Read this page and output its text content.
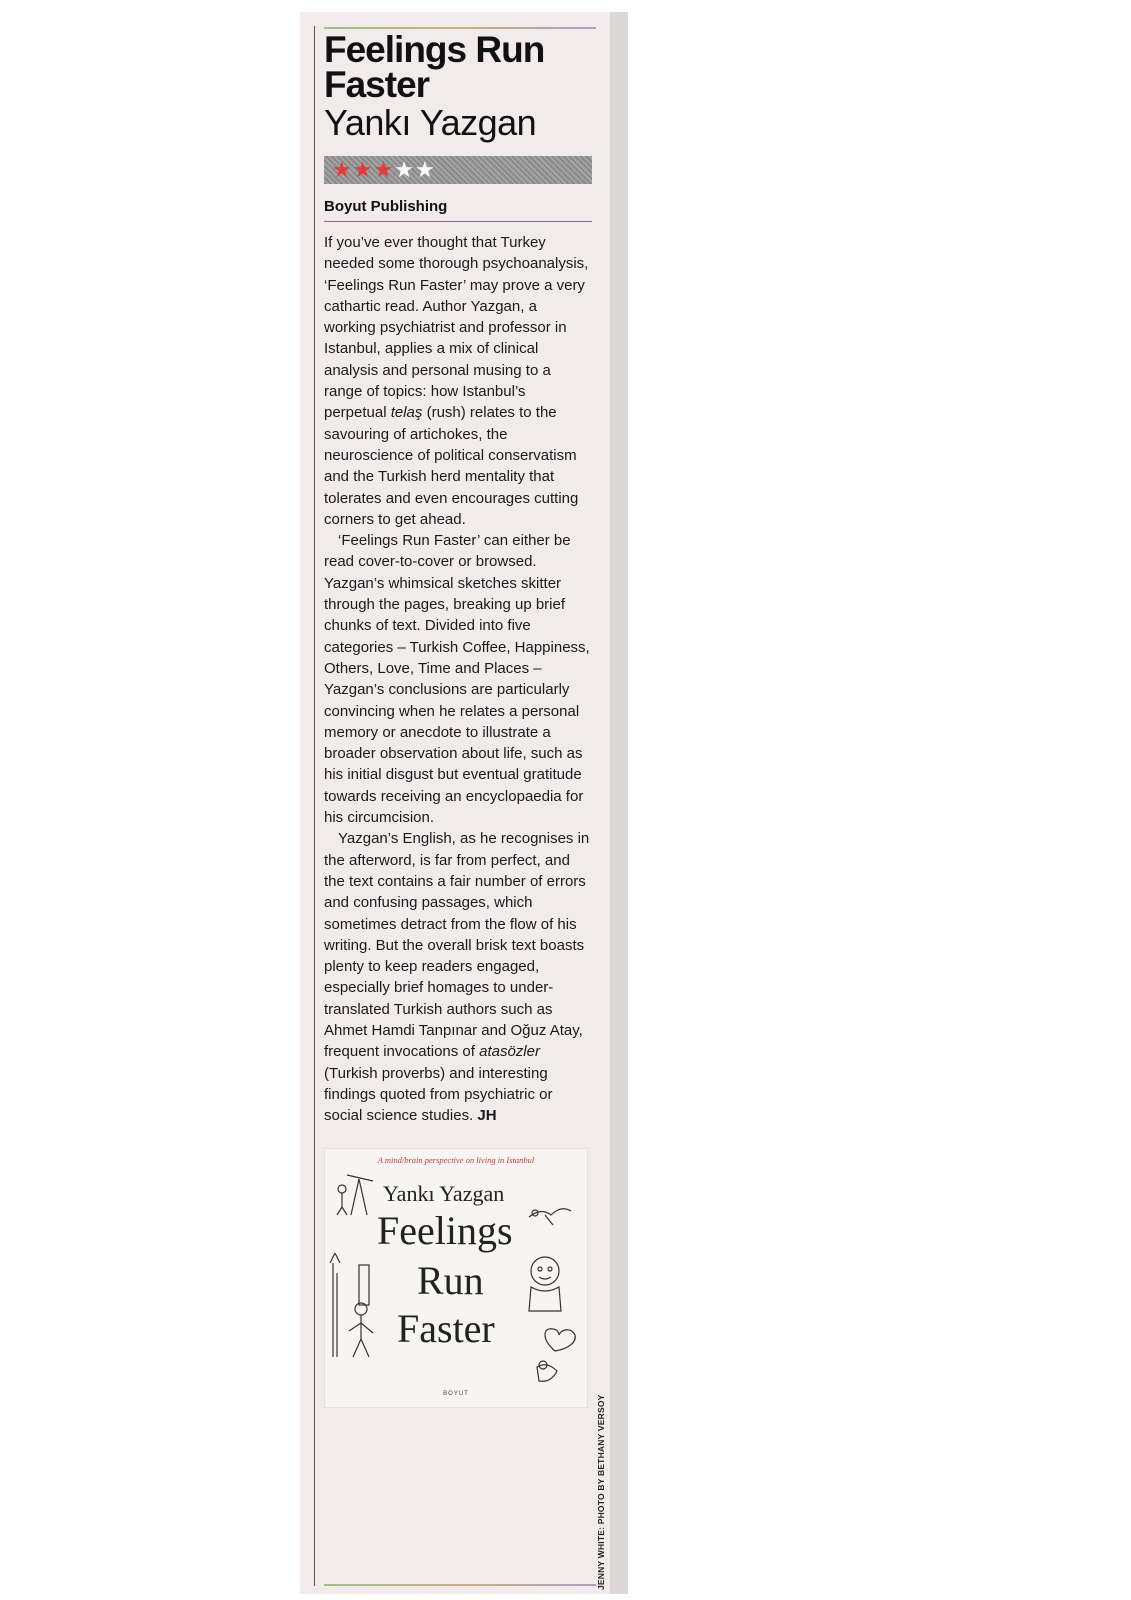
Feelings Run Faster
Yankı Yazgan
★ ★ ★ ★ ★
Boyut Publishing

If you’ve ever thought that Turkey needed some thorough psychoanalysis, ‘Feelings Run Faster’ may prove a very cathartic read. Author Yazgan, a working psychiatrist and professor in Istanbul, applies a mix of clinical analysis and personal musing to a range of topics: how Istanbul’s perpetual telaş (rush) relates to the savouring of artichokes, the neuroscience of political conservatism and the Turkish herd mentality that tolerates and even encourages cutting corners to get ahead.

‘Feelings Run Faster’ can either be read cover-to-cover or browsed. Yazgan’s whimsical sketches skitter through the pages, breaking up brief chunks of text. Divided into five categories – Turkish Coffee, Happiness, Others, Love, Time and Places – Yazgan’s conclusions are particularly convincing when he relates a personal memory or anecdote to illustrate a broader observation about life, such as his initial disgust but eventual gratitude towards receiving an encyclopaedia for his circumcision.

Yazgan’s English, as he recognises in the afterword, is far from perfect, and the text contains a fair number of errors and confusing passages, which sometimes detract from the flow of his writing. But the overall brisk text boasts plenty to keep readers engaged, especially brief homages to under-translated Turkish authors such as Ahmet Hamdi Tanpınar and Oğuz Atay, frequent invocations of atasözler (Turkish proverbs) and interesting findings quoted from psychiatric or social science studies. JH

A mind/brain perspective on living in Istanbul
Yankı Yazgan
Feelings
Run
Faster
BOYUT
JENNY WHITE: PHOTO BY BETHANY VERSOY
